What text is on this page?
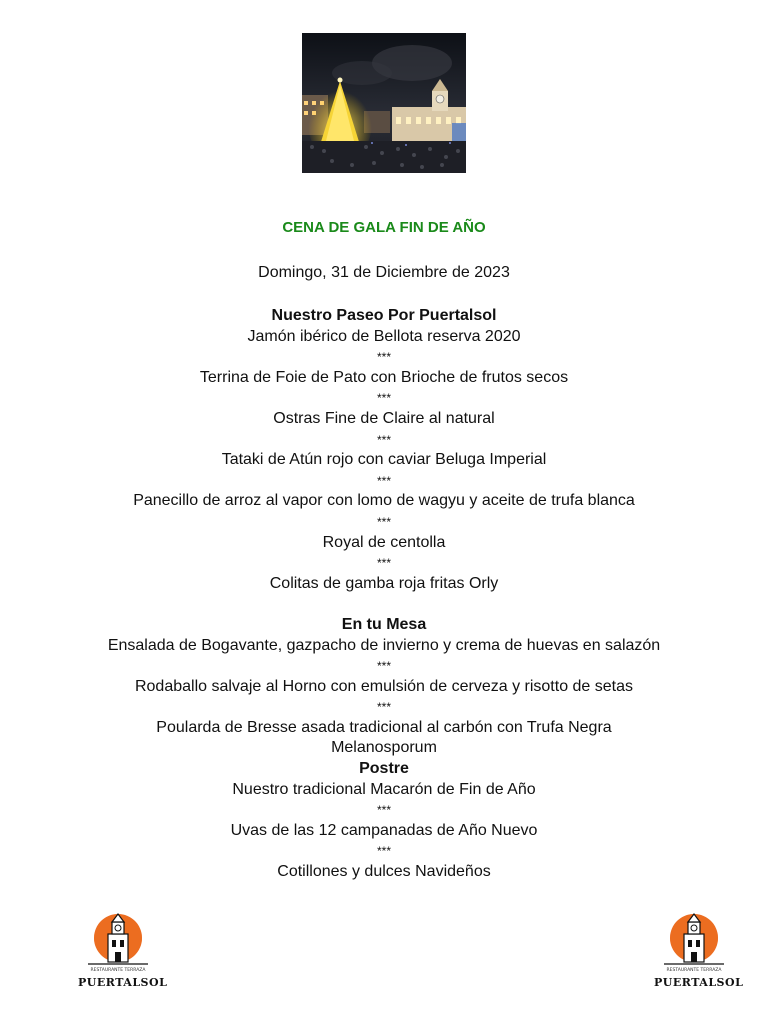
CENA DE GALA FIN DE AÑO
Domingo, 31 de Diciembre de 2023
Nuestro Paseo Por Puertalsol
Jamón ibérico de Bellota reserva 2020
***
Terrina de Foie de Pato con Brioche de frutos secos
***
Ostras Fine de Claire al natural
***
Tataki de Atún rojo con caviar Beluga Imperial
***
Panecillo de arroz al vapor con lomo de wagyu y aceite de trufa blanca
***
Royal de centolla
***
Colitas de gamba roja fritas Orly
En tu Mesa
Ensalada de Bogavante, gazpacho de invierno y crema de huevas en salazón
***
Rodaballo salvaje al Horno con emulsión de cerveza y risotto de setas
***
Poularda de Bresse asada tradicional al carbón con Trufa Negra
Melanosporum
Postre
Nuestro tradicional Macarón de Fin de Año
***
Uvas de las 12 campanadas de Año Nuevo
***
Cotillones y dulces Navideños
RESTAURANTE TERRAZA
PUERTALSOL
RESTAURANTE TERRAZA
PUERTALSOL
